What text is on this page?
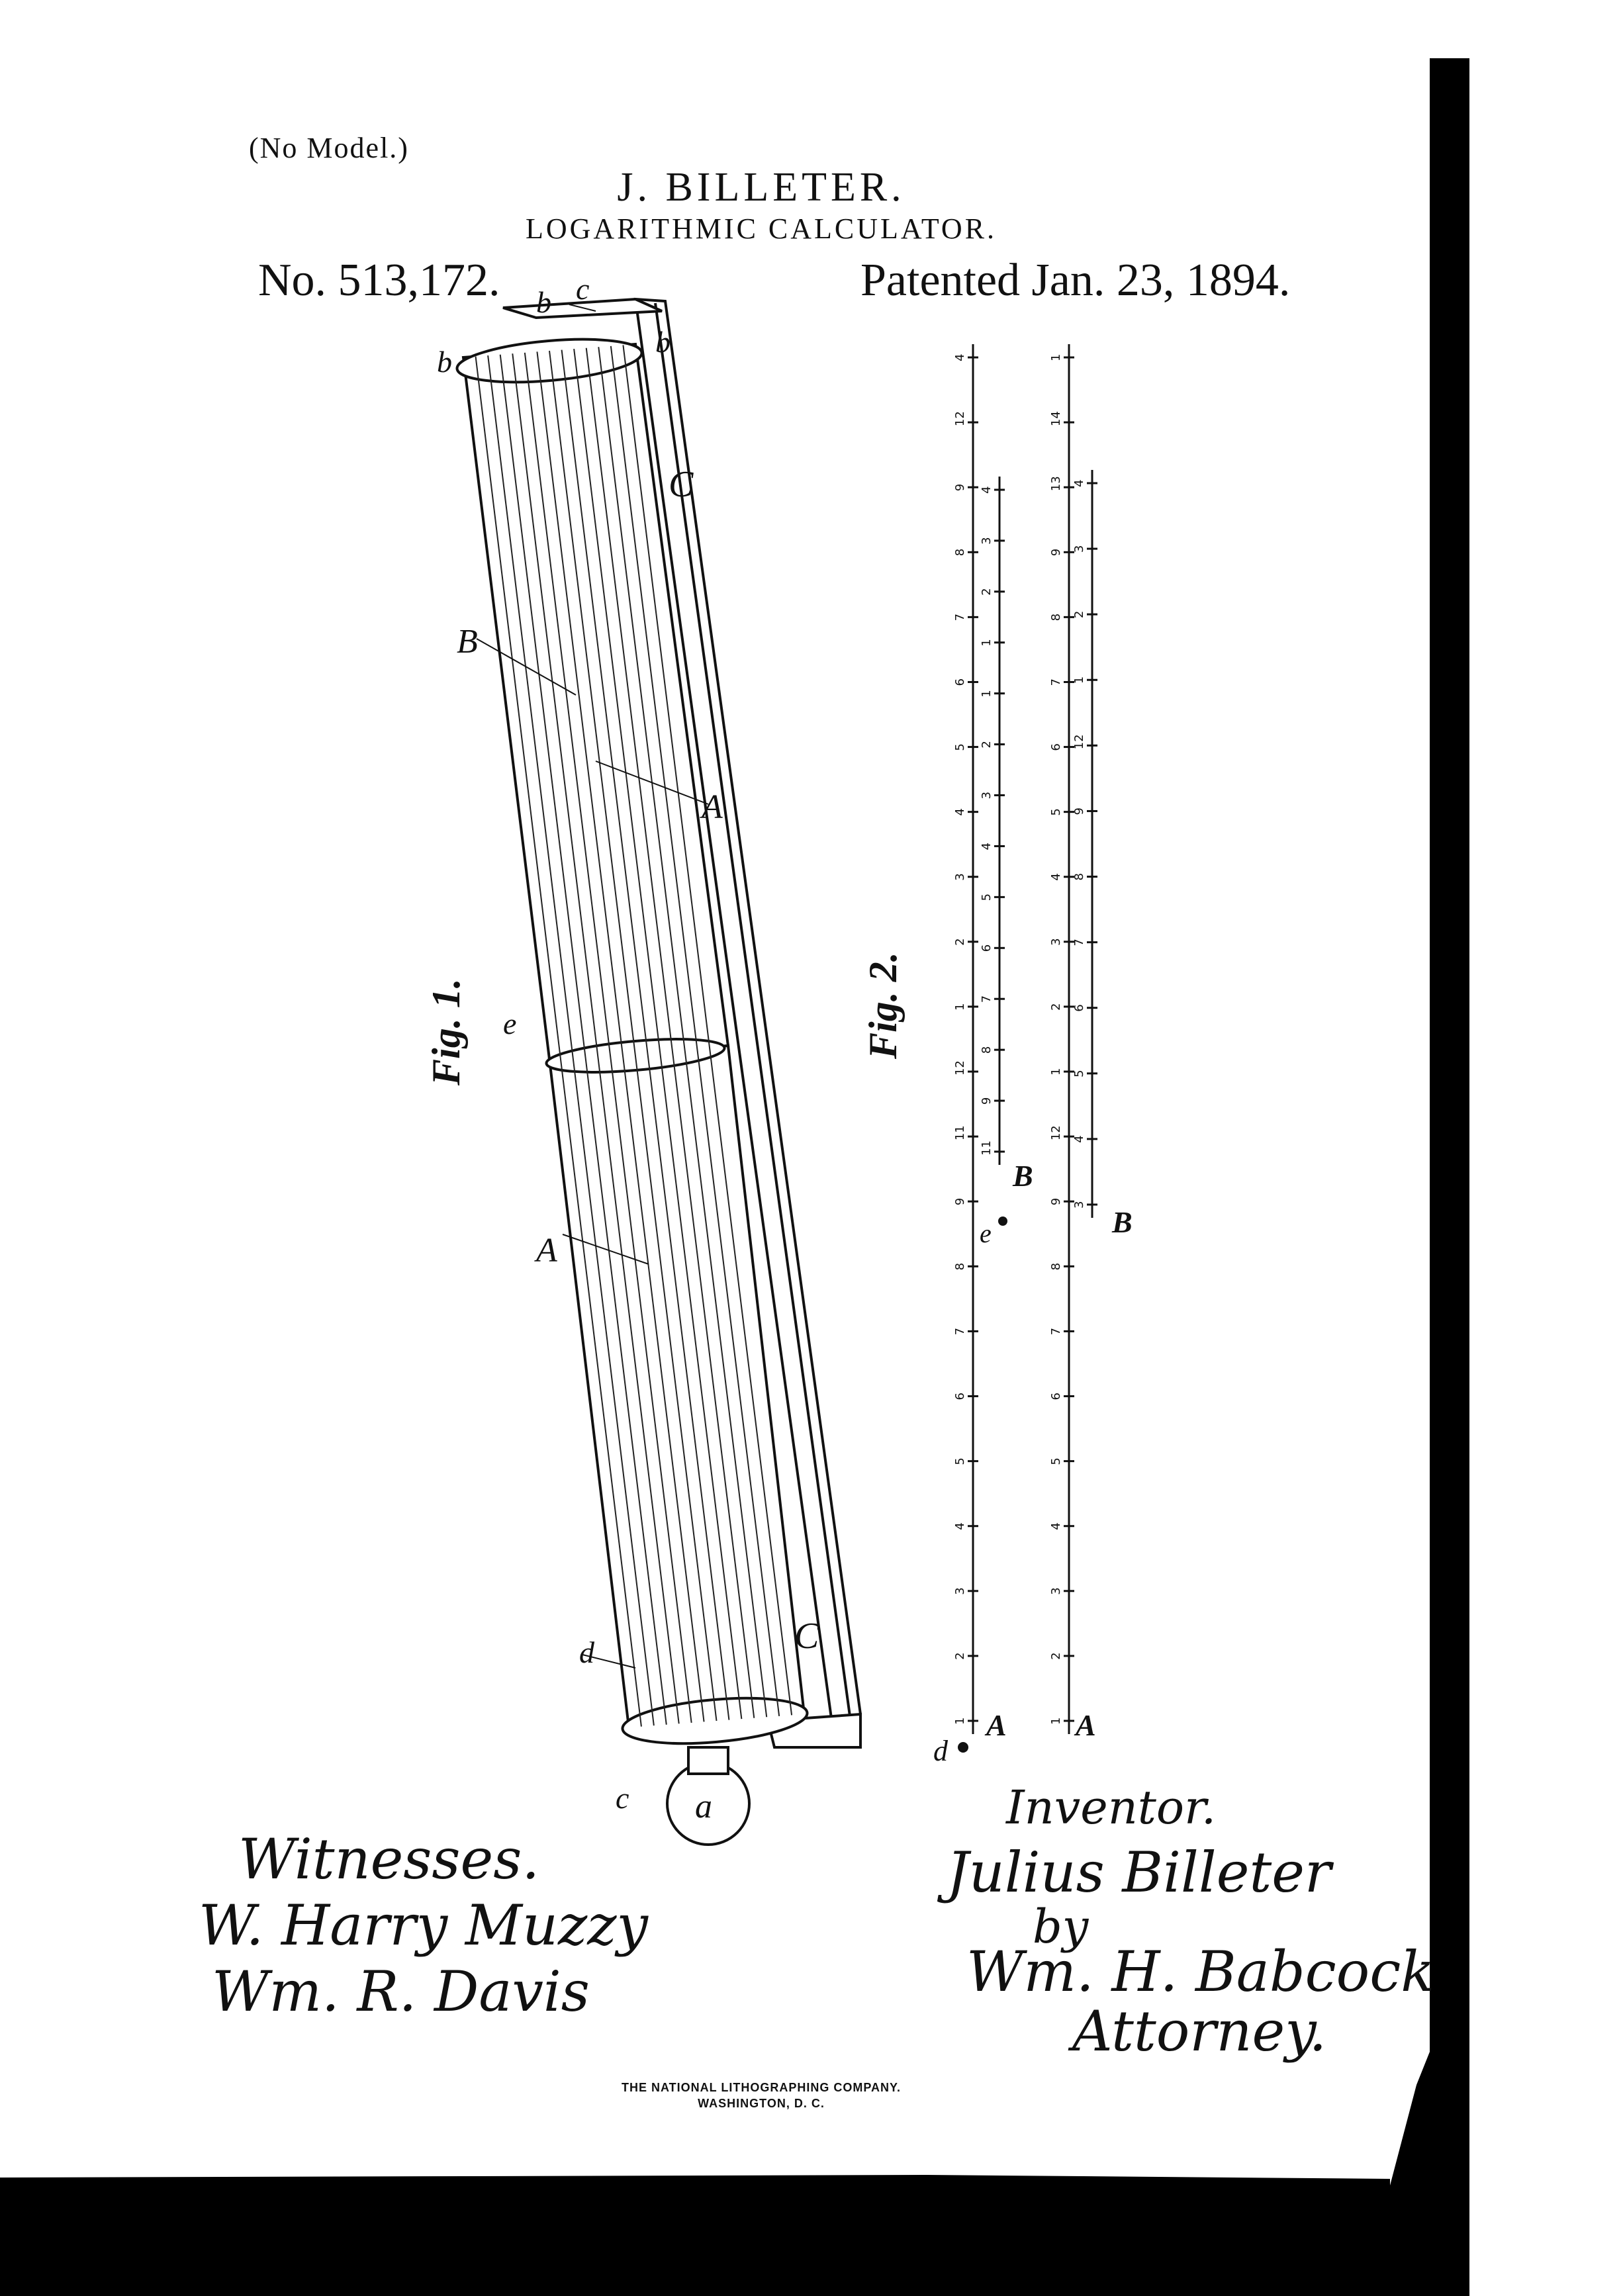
(No Model.)
J. BILLETER.
LOGARITHMIC CALCULATOR.
No. 513,172.	Patented Jan. 23, 1894.
b
b
b
c
C
B
A
e
A
d	C
c a
Fig. 1.	Fig. 2.
1
2
3
4
5
6
7
8
9
11
12
1
2
3
4
5
6
7
8
9
12
4
11
9
8
7
6
5
4
3
2
1
1
2
3
4
1
2
3
4
5
6
7
8
9
12
1
2
3
4
5
6
7
8
9
13
14
1
3
4
5
6
7
8
9
12
1
2
3
4
B
B
A A
d
e
Witnesses.
W. Harry Muzzy
Wm. R. Davis
Inventor.
Julius Billeter
by
Wm. H. Babcock
Attorney.
THE NATIONAL LITHOGRAPHING COMPANY.
WASHINGTON, D. C.
